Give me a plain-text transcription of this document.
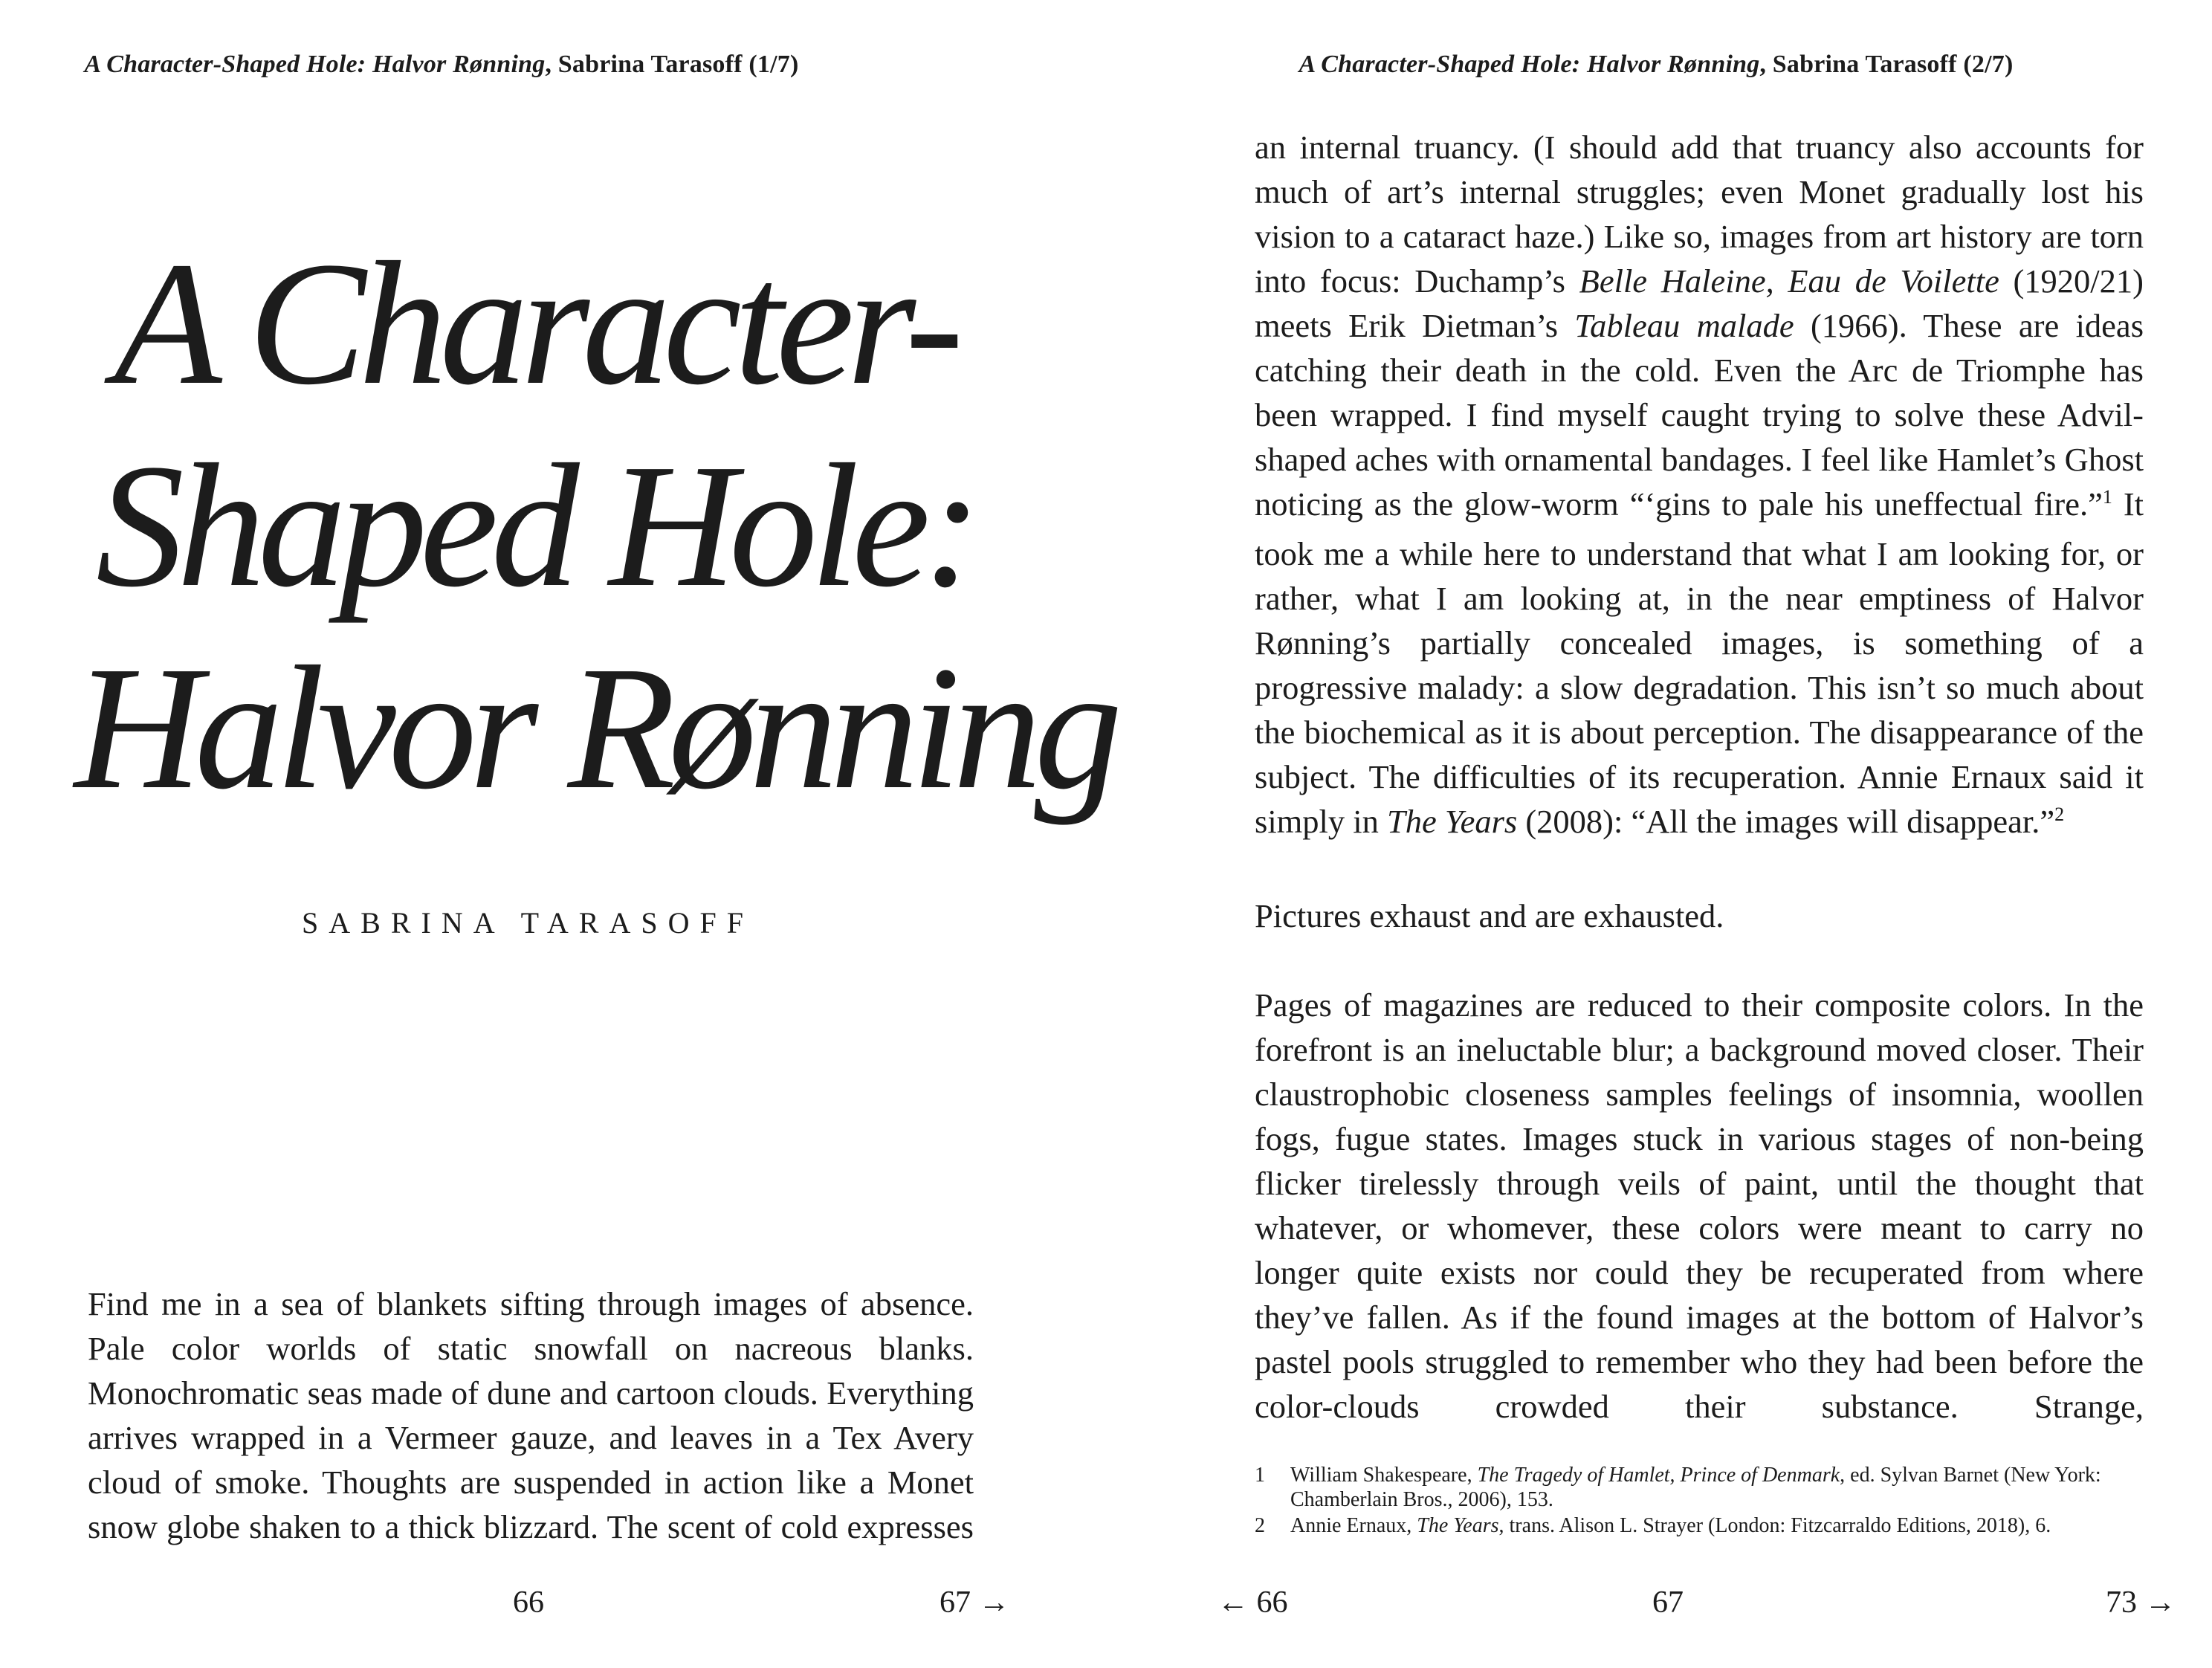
A Character-Shaped Hole: Halvor Rønning, Sabrina Tarasoff (1/7)
A Character-
Shaped Hole:
Halvor Rønning
SABRINA TARASOFF

Find me in a sea of blankets sifting through images of absence. Pale color worlds of static snowfall on nacreous blanks. Monochromatic seas made of dune and cartoon clouds. Everything arrives wrapped in a Vermeer gauze, and leaves in a Tex Avery cloud of smoke. Thoughts are suspended in action like a Monet snow globe shaken to a thick blizzard. The scent of cold expresses

66	67 →
A Character-Shaped Hole: Halvor Rønning, Sabrina Tarasoff (2/7)

an internal truancy. (I should add that truancy also accounts for much of art’s internal struggles; even Monet gradually lost his vision to a cataract haze.) Like so, images from art history are torn into focus: Duchamp’s Belle Haleine, Eau de Voilette (1920/21) meets Erik Dietman’s Tableau malade (1966). These are ideas catching their death in the cold. Even the Arc de Triomphe has been wrapped. I find myself caught trying to solve these Advil-shaped aches with ornamental bandages. I feel like Hamlet’s Ghost noticing as the glow-worm “‘gins to pale his uneffectual fire.”$^1$ It took me a while here to understand that what I am looking for, or rather, what I am looking at, in the near emptiness of Halvor Rønning’s partially concealed images, is something of a progressive malady: a slow degradation. This isn’t so much about the biochemical as it is about perception. The disappearance of the subject. The difficulties of its recuperation. Annie Ernaux said it simply in The Years (2008): “All the images will disappear.”$^2$

Pictures exhaust and are exhausted.

Pages of magazines are reduced to their composite colors. In the forefront is an ineluctable blur; a background moved closer. Their claustrophobic closeness samples feelings of insomnia, woollen fogs, fugue states. Images stuck in various stages of non-being flicker tirelessly through veils of paint, until the thought that whatever, or whomever, these colors were meant to carry no longer quite exists nor could they be recuperated from where they’ve fallen. As if the found images at the bottom of Halvor’s pastel pools struggled to remember who they had been before the color-clouds crowded their substance. Strange,

1	William Shakespeare, The Tragedy of Hamlet, Prince of Denmark, ed. Sylvan Barnet (New York: Chamberlain Bros., 2006), 153.
2	Annie Ernaux, The Years, trans. Alison L. Strayer (London: Fitzcarraldo Editions, 2018), 6.
← 66	67	73 →
